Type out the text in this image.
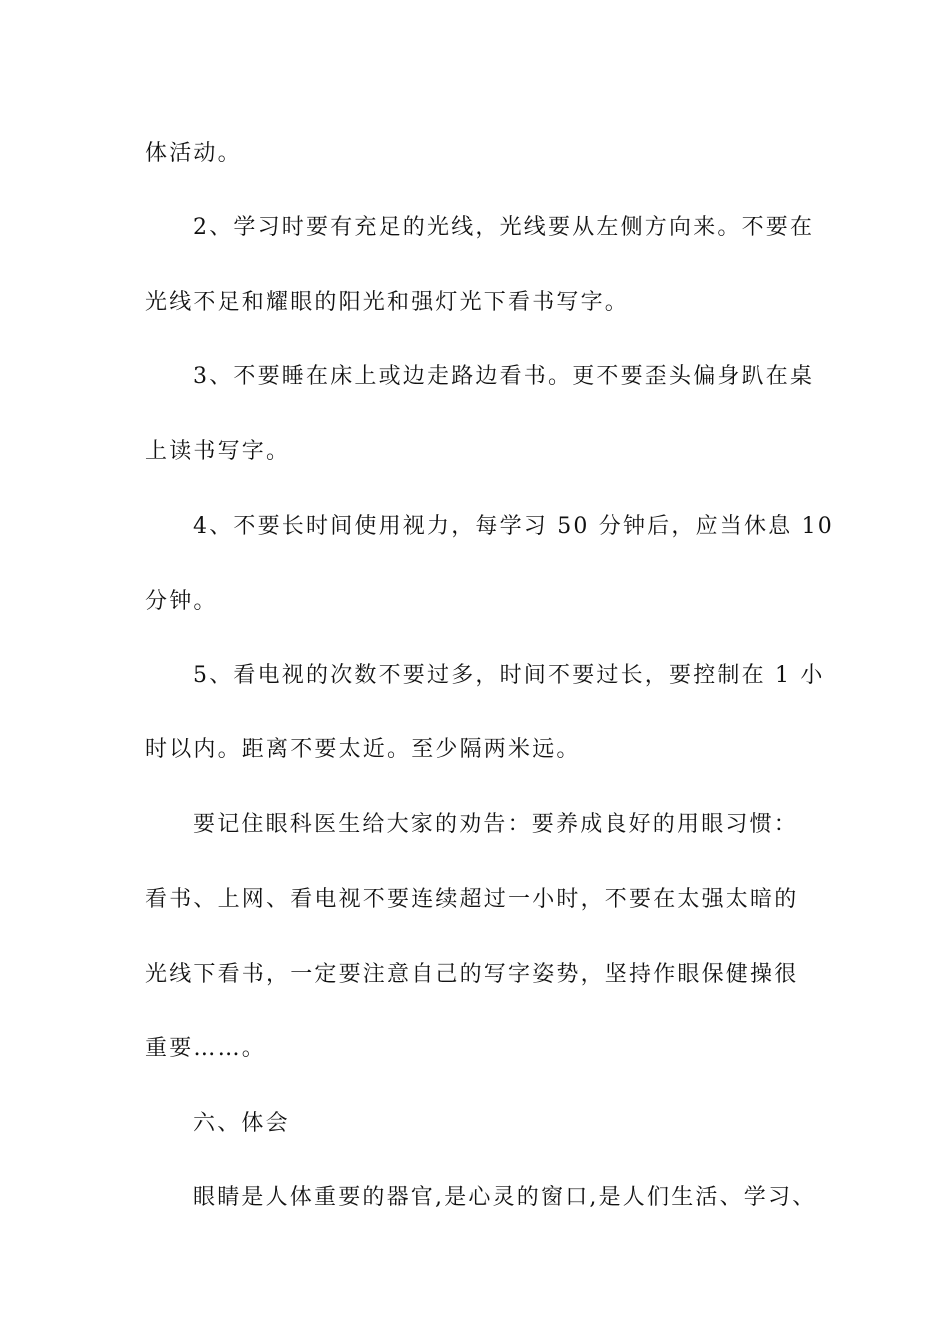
体活动。
2、学习时要有充足的光线，光线要从左侧方向来。不要在
光线不足和耀眼的阳光和强灯光下看书写字。
3、不要睡在床上或边走路边看书。更不要歪头偏身趴在桌
上读书写字。
4、不要长时间使用视力，每学习 50 分钟后，应当休息 10
分钟。
5、看电视的次数不要过多，时间不要过长，要控制在 1 小
时以内。距离不要太近。至少隔两米远。
要记住眼科医生给大家的劝告：要养成良好的用眼习惯：
看书、上网、看电视不要连续超过一小时，不要在太强太暗的
光线下看书，一定要注意自己的写字姿势，坚持作眼保健操很
重要……。
六、体会
眼睛是人体重要的器官,是心灵的窗口,是人们生活、学习、
